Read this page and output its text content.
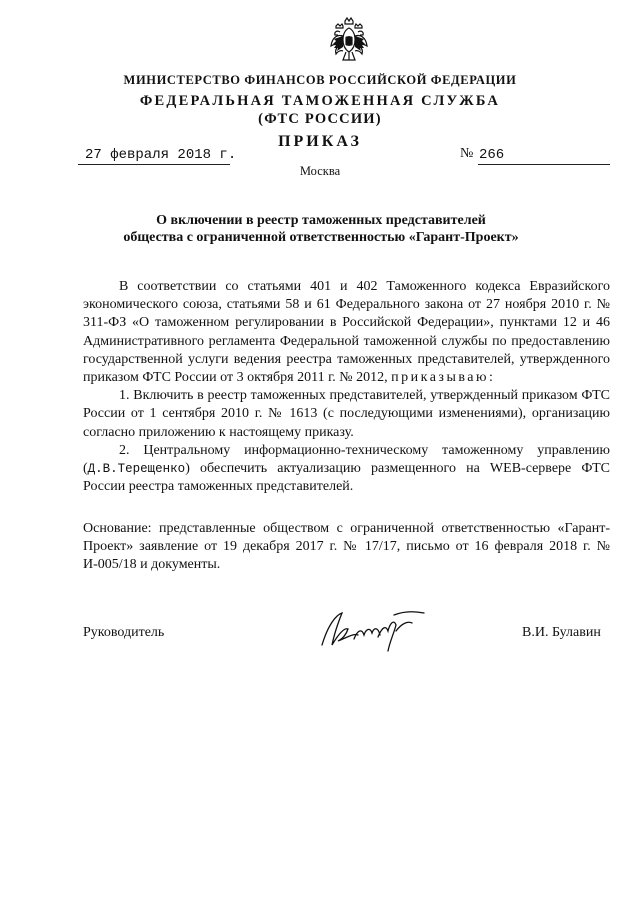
МИНИСТЕРСТВО ФИНАНСОВ РОССИЙСКОЙ ФЕДЕРАЦИИ
ФЕДЕРАЛЬНАЯ ТАМОЖЕННАЯ СЛУЖБА
(ФТС РОССИИ)
ПРИКАЗ
27 февраля 2018 г.	№ 266
Москва
О включении в реестр таможенных представителей
общества с ограниченной ответственностью «Гарант-Проект»

В соответствии со статьями 401 и 402 Таможенного кодекса Евразийского экономического союза, статьями 58 и 61 Федерального закона от 27 ноября 2010 г. № 311-ФЗ «О таможенном регулировании в Российской Федерации», пунктами 12 и 46 Административного регламента Федеральной таможенной службы по предоставлению государственной услуги ведения реестра таможенных представителей, утвержденного приказом ФТС России от 3 октября 2011 г. № 2012, приказываю:

1. Включить в реестр таможенных представителей, утвержденный приказом ФТС России от 1 сентября 2010 г. № 1613 (с последующими изменениями), организацию согласно приложению к настоящему приказу.

2. Центральному информационно-техническому таможенному управлению (Д.В.Терещенко) обеспечить актуализацию размещенного на WEB-сервере ФТС России реестра таможенных представителей.

Основание: представленные обществом с ограниченной ответственностью «Гарант-Проект» заявление от 19 декабря 2017 г. № 17/17, письмо от 16 февраля 2018 г. № И-005/18 и документы.

Руководитель	В.И. Булавин
